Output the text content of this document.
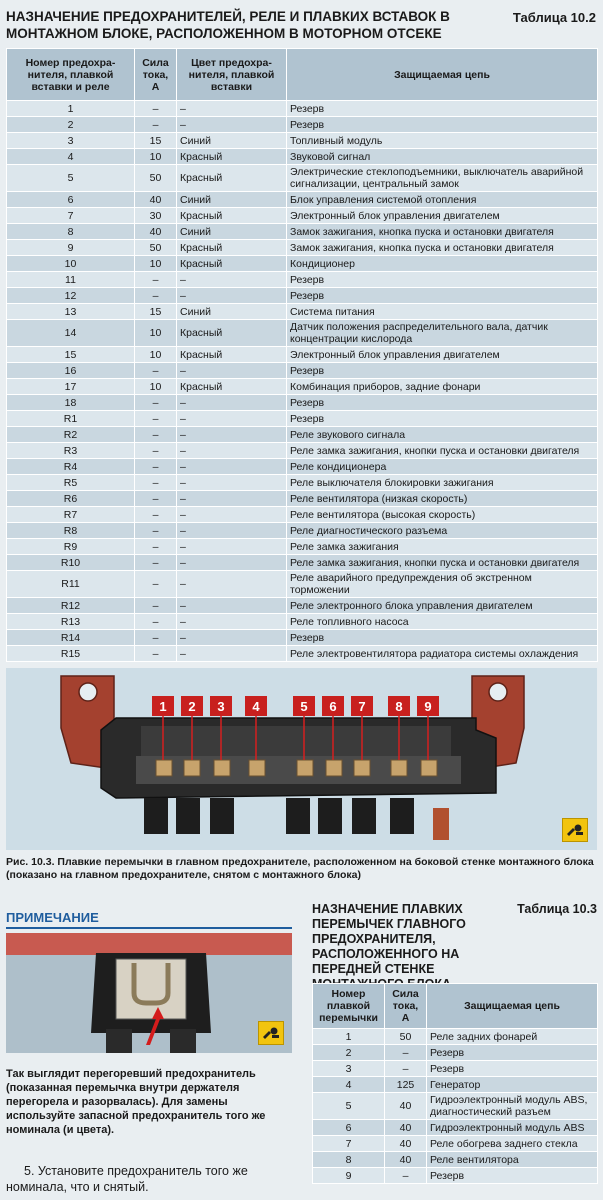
НАЗНАЧЕНИЕ ПРЕДОХРАНИТЕЛЕЙ, РЕЛЕ И ПЛАВКИХ ВСТАВОК В МОНТАЖНОМ БЛОКЕ, РАСПОЛОЖЕННОМ В МОТОРНОМ ОТСЕКЕ
Таблица 10.2
Номер предохра-нителя, плавкой вставки и реле	Сила тока, А	Цвет предохра-нителя, плавкой вставки	Защищаемая цепь
1	–	–	Резерв
2	–	–	Резерв
3	15	Синий	Топливный модуль
4	10	Красный	Звуковой сигнал
5	50	Красный	Электрические стеклоподъемники, выключатель аварийной сигнализации, центральный замок
6	40	Синий	Блок управления системой отопления
7	30	Красный	Электронный блок управления двигателем
8	40	Синий	Замок зажигания, кнопка пуска и остановки двигателя
9	50	Красный	Замок зажигания, кнопка пуска и остановки двигателя
10	10	Красный	Кондиционер
11	–	–	Резерв
12	–	–	Резерв
13	15	Синий	Система питания
14	10	Красный	Датчик положения распределительного вала, датчик концентрации кислорода
15	10	Красный	Электронный блок управления двигателем
16	–	–	Резерв
17	10	Красный	Комбинация приборов, задние фонари
18	–	–	Резерв
R1	–	–	Резерв
R2	–	–	Реле звукового сигнала
R3	–	–	Реле замка зажигания, кнопки пуска и остановки двигателя
R4	–	–	Реле кондиционера
R5	–	–	Реле выключателя блокировки зажигания
R6	–	–	Реле вентилятора (низкая скорость)
R7	–	–	Реле вентилятора (высокая скорость)
R8	–	–	Реле диагностического разъема
R9	–	–	Реле замка зажигания
R10	–	–	Реле замка зажигания, кнопки пуска и остановки двигателя
R11	–	–	Реле аварийного предупреждения об экстренном торможении
R12	–	–	Реле электронного блока управления двигателем
R13	–	–	Реле топливного насоса
R14	–	–	Резерв
R15	–	–	Реле электровентилятора радиатора системы охлаждения
1 2 3 4	5 6 7 8 9
Рис. 10.3. Плавкие перемычки в главном предохранителе, расположенном на боковой стенке монтажного блока (показано на главном предохранителе, снятом с монтажного блока)
ПРИМЕЧАНИЕ
Так выглядит перегоревший предохранитель (показанная перемычка внутри держателя перегорела и разорвалась). Для замены используйте запасной предохранитель того же номинала (и цвета).
5. Установите предохранитель того же номинала, что и снятый.
НАЗНАЧЕНИЕ ПЛАВКИХ ПЕРЕМЫЧЕК ГЛАВНОГО ПРЕДОХРАНИТЕЛЯ, РАСПОЛОЖЕННОГО НА ПЕРЕДНЕЙ СТЕНКЕ
Таблица 10.3
Номер плавкой перемычки	Сила тока, А	Защищаемая цепь
1	50	Реле задних фонарей
2	–	Резерв
3	–	Резерв
4	125	Генератор
5	40	Гидроэлектронный модуль ABS, диагностический разъем
6	40	Гидроэлектронный модуль ABS
7	40	Реле обогрева заднего стекла
8	40	Реле вентилятора
9	–	Резерв
